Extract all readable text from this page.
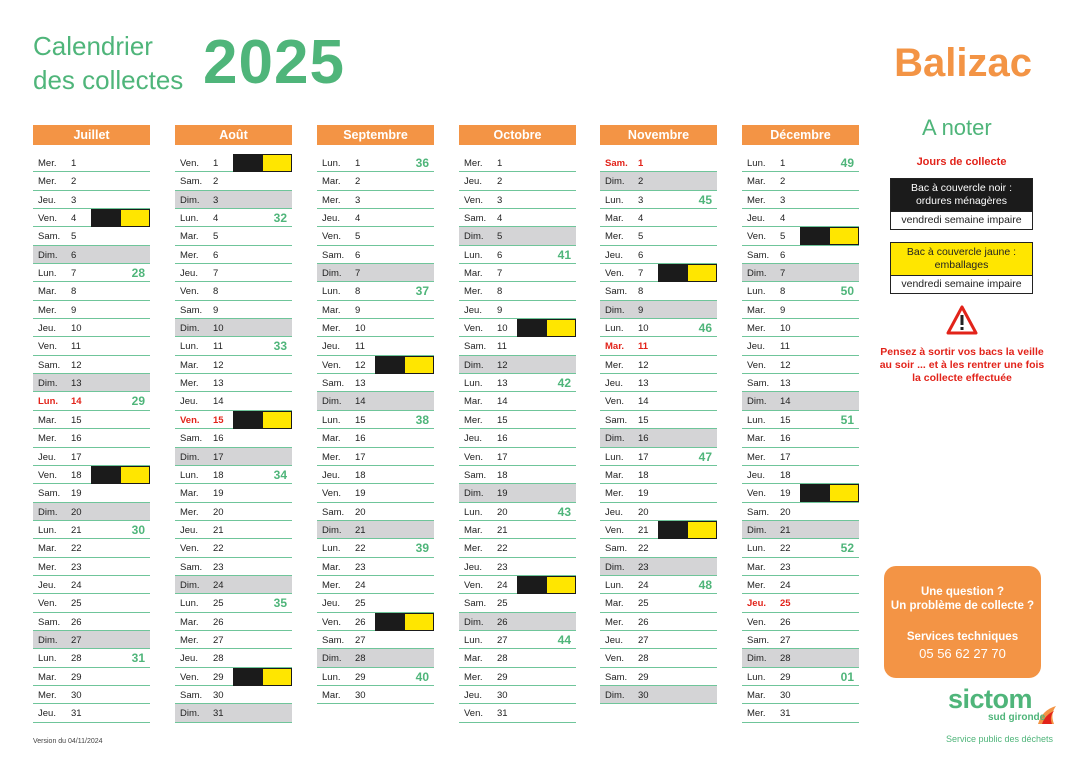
Calendrier
des collectes 2025	Balizac
Juillet
Mer. 1
Mer. 2
Jeu. 3
Ven. 4
Sam. 5
Dim. 6
Lun. 7	28
Mar. 8
Mer. 9
Jeu. 10
Ven. 11
Sam. 12
Dim. 13
Lun. 14	29
Mar. 15
Mer. 16
Jeu. 17
Ven. 18
Sam. 19
Dim. 20
Lun. 21	30
Mar. 22
Mer. 23
Jeu. 24
Ven. 25
Sam. 26
Dim. 27
Lun. 28	31
Mar. 29
Mer. 30
Jeu. 31
Août
Ven. 1
Sam. 2
Dim. 3
Lun. 4	32
Mar. 5
Mer. 6
Jeu. 7
Ven. 8
Sam. 9
Dim. 10
Lun. 11	33
Mar. 12
Mer. 13
Jeu. 14
Ven. 15
Sam. 16
Dim. 17
Lun. 18	34
Mar. 19
Mer. 20
Jeu. 21
Ven. 22
Sam. 23
Dim. 24
Lun. 25	35
Mar. 26
Mer. 27
Jeu. 28
Ven. 29
Sam. 30
Dim. 31
Septembre
Lun. 1	36
Mar. 2
Mer. 3
Jeu. 4
Ven. 5
Sam. 6
Dim. 7
Lun. 8	37
Mar. 9
Mer. 10
Jeu. 11
Ven. 12
Sam. 13
Dim. 14
Lun. 15	38
Mar. 16
Mer. 17
Jeu. 18
Ven. 19
Sam. 20
Dim. 21
Lun. 22	39
Mar. 23
Mer. 24
Jeu. 25
Ven. 26
Sam. 27
Dim. 28
Lun. 29	40
Mar. 30
Octobre
Mer. 1
Jeu. 2
Ven. 3
Sam. 4
Dim. 5
Lun. 6	41
Mar. 7
Mer. 8
Jeu. 9
Ven. 10
Sam. 11
Dim. 12
Lun. 13	42
Mar. 14
Mer. 15
Jeu. 16
Ven. 17
Sam. 18
Dim. 19
Lun. 20	43
Mar. 21
Mer. 22
Jeu. 23
Ven. 24
Sam. 25
Dim. 26
Lun. 27	44
Mar. 28
Mer. 29
Jeu. 30
Ven. 31
Novembre
Sam. 1
Dim. 2
Lun. 3	45
Mar. 4
Mer. 5
Jeu. 6
Ven. 7
Sam. 8
Dim. 9
Lun. 10	46
Mar. 11
Mer. 12
Jeu. 13
Ven. 14
Sam. 15
Dim. 16
Lun. 17	47
Mar. 18
Mer. 19
Jeu. 20
Ven. 21
Sam. 22
Dim. 23
Lun. 24	48
Mar. 25
Mer. 26
Jeu. 27
Ven. 28
Sam. 29
Dim. 30
Décembre
Lun. 1	49
Mar. 2
Mer. 3
Jeu. 4
Ven. 5
Sam. 6
Dim. 7
Lun. 8	50
Mar. 9
Mer. 10
Jeu. 11
Ven. 12
Sam. 13
Dim. 14
Lun. 15	51
Mar. 16
Mer. 17
Jeu. 18
Ven. 19
Sam. 20
Dim. 21
Lun. 22	52
Mar. 23
Mer. 24
Jeu. 25
Ven. 26
Sam. 27
Dim. 28
Lun. 29	01
Mar. 30
Mer. 31
A noter
Jours de collecte
Bac à couvercle noir : ordures ménagères
vendredi semaine impaire
Bac à couvercle jaune : emballages
vendredi semaine impaire
Pensez à sortir vos bacs la veille au soir ... et à les rentrer une fois la collecte effectuée
Une question ?
Un problème de collecte ?
Services techniques
05 56 62 27 70
sictom
sud gironde
Service public des déchets
Version du 04/11/2024
